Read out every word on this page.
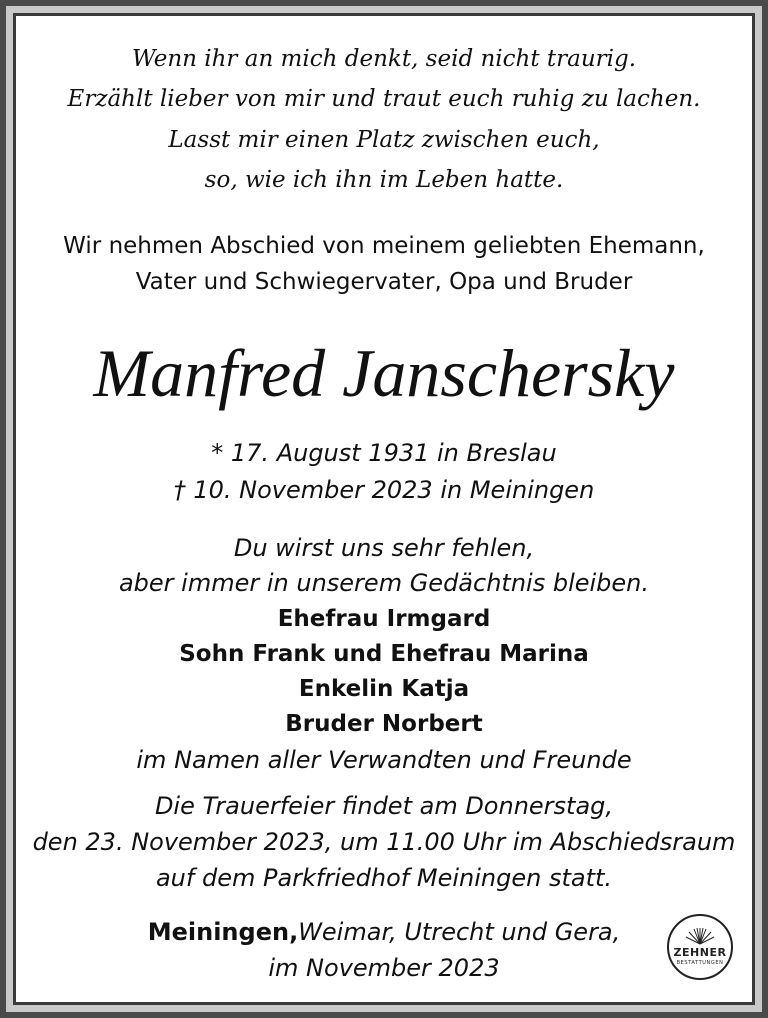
Wenn ihr an mich denkt, seid nicht traurig.
Erzählt lieber von mir und traut euch ruhig zu lachen.
Lasst mir einen Platz zwischen euch,
so, wie ich ihn im Leben hatte.
Wir nehmen Abschied von meinem geliebten Ehemann,
Vater und Schwiegervater, Opa und Bruder
Manfred Janschersky
* 17. August 1931 in Breslau
† 10. November 2023 in Meiningen
Du wirst uns sehr fehlen,
aber immer in unserem Gedächtnis bleiben.
Ehefrau Irmgard
Sohn Frank und Ehefrau Marina
Enkelin Katja
Bruder Norbert
im Namen aller Verwandten und Freunde
Die Trauerfeier findet am Donnerstag,
den 23. November 2023, um 11.00 Uhr im Abschiedsraum
auf dem Parkfriedhof Meiningen statt.
Meiningen,Weimar, Utrecht und Gera,
im November 2023
ZEHNER
BESTATTUNGEN
